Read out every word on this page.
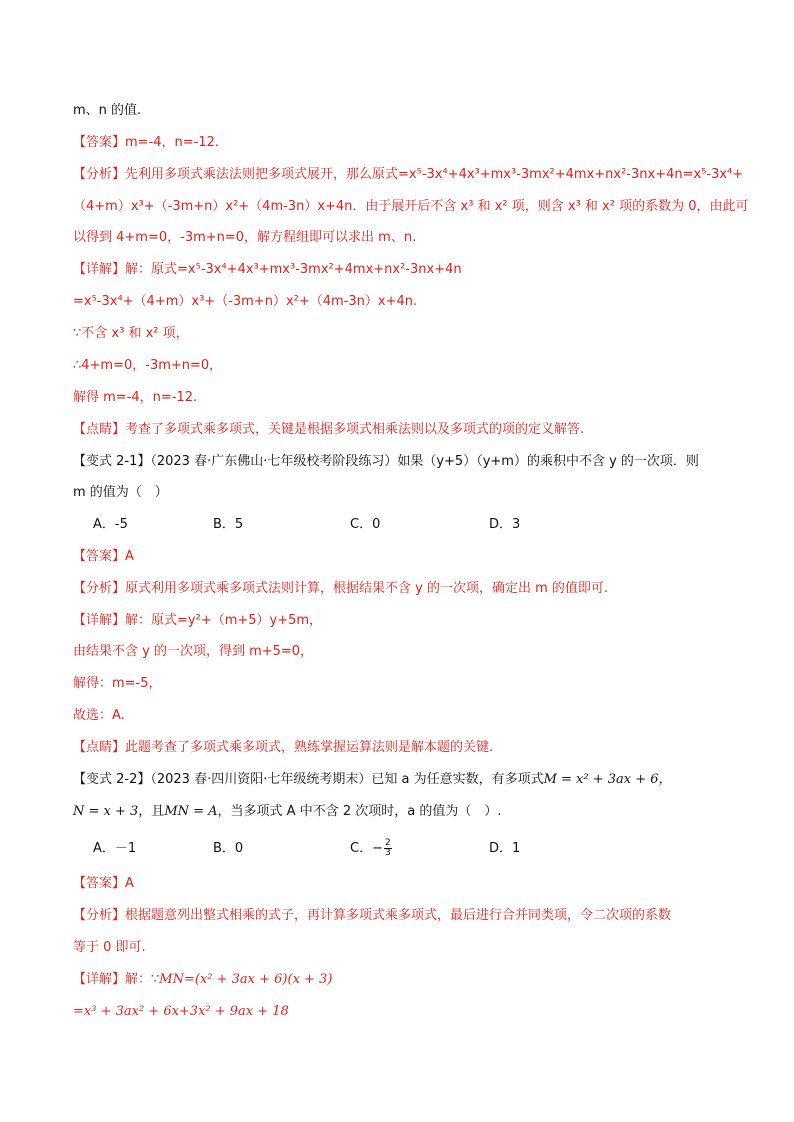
m、n 的值.
【答案】m=-4，n=-12.
【分析】先利用多项式乘法法则把多项式展开，那么原式=x⁵-3x⁴+4x³+mx³-3mx²+4mx+nx²-3nx+4n=x⁵-3x⁴+
（4+m）x³+（-3m+n）x²+（4m-3n）x+4n．由于展开后不含 x³ 和 x² 项，则含 x³ 和 x² 项的系数为 0，由此可
以得到 4+m=0，-3m+n=0，解方程组即可以求出 m、n.
【详解】解：原式=x⁵-3x⁴+4x³+mx³-3mx²+4mx+nx²-3nx+4n
=x⁵-3x⁴+（4+m）x³+（-3m+n）x²+（4m-3n）x+4n.
∵不含 x³ 和 x² 项，
∴4+m=0，-3m+n=0，
解得 m=-4，n=-12.
【点睛】考查了多项式乘多项式，关键是根据多项式相乘法则以及多项式的项的定义解答.
【变式 2-1】（2023 春·广东佛山·七年级校考阶段练习）如果（y+5）（y+m）的乘积中不含 y 的一次项．则
m 的值为（　）
A．-5	B．5	C．0	D．3
【答案】A
【分析】原式利用多项式乘多项式法则计算，根据结果不含 y 的一次项，确定出 m 的值即可.
【详解】解：原式=y²+（m+5）y+5m，
由结果不含 y 的一次项，得到 m+5=0，
解得：m=-5，
故选：A.
【点睛】此题考查了多项式乘多项式，熟练掌握运算法则是解本题的关键.
【变式 2-2】（2023 春·四川资阳·七年级统考期末）已知 a 为任意实数，有多项式M = x² + 3ax + 6，
N = x + 3，且MN = A，当多项式 A 中不含 2 次项时，a 的值为（　）.
A．－1	B．0	C．− $\frac{2}{3}$	D．1
【答案】A
【分析】根据题意列出整式相乘的式子，再计算多项式乘多项式，最后进行合并同类项，令二次项的系数
等于 0 即可.
【详解】解：∵MN=(x² + 3ax + 6)(x + 3)
=x³ + 3ax² + 6x+3x² + 9ax + 18
